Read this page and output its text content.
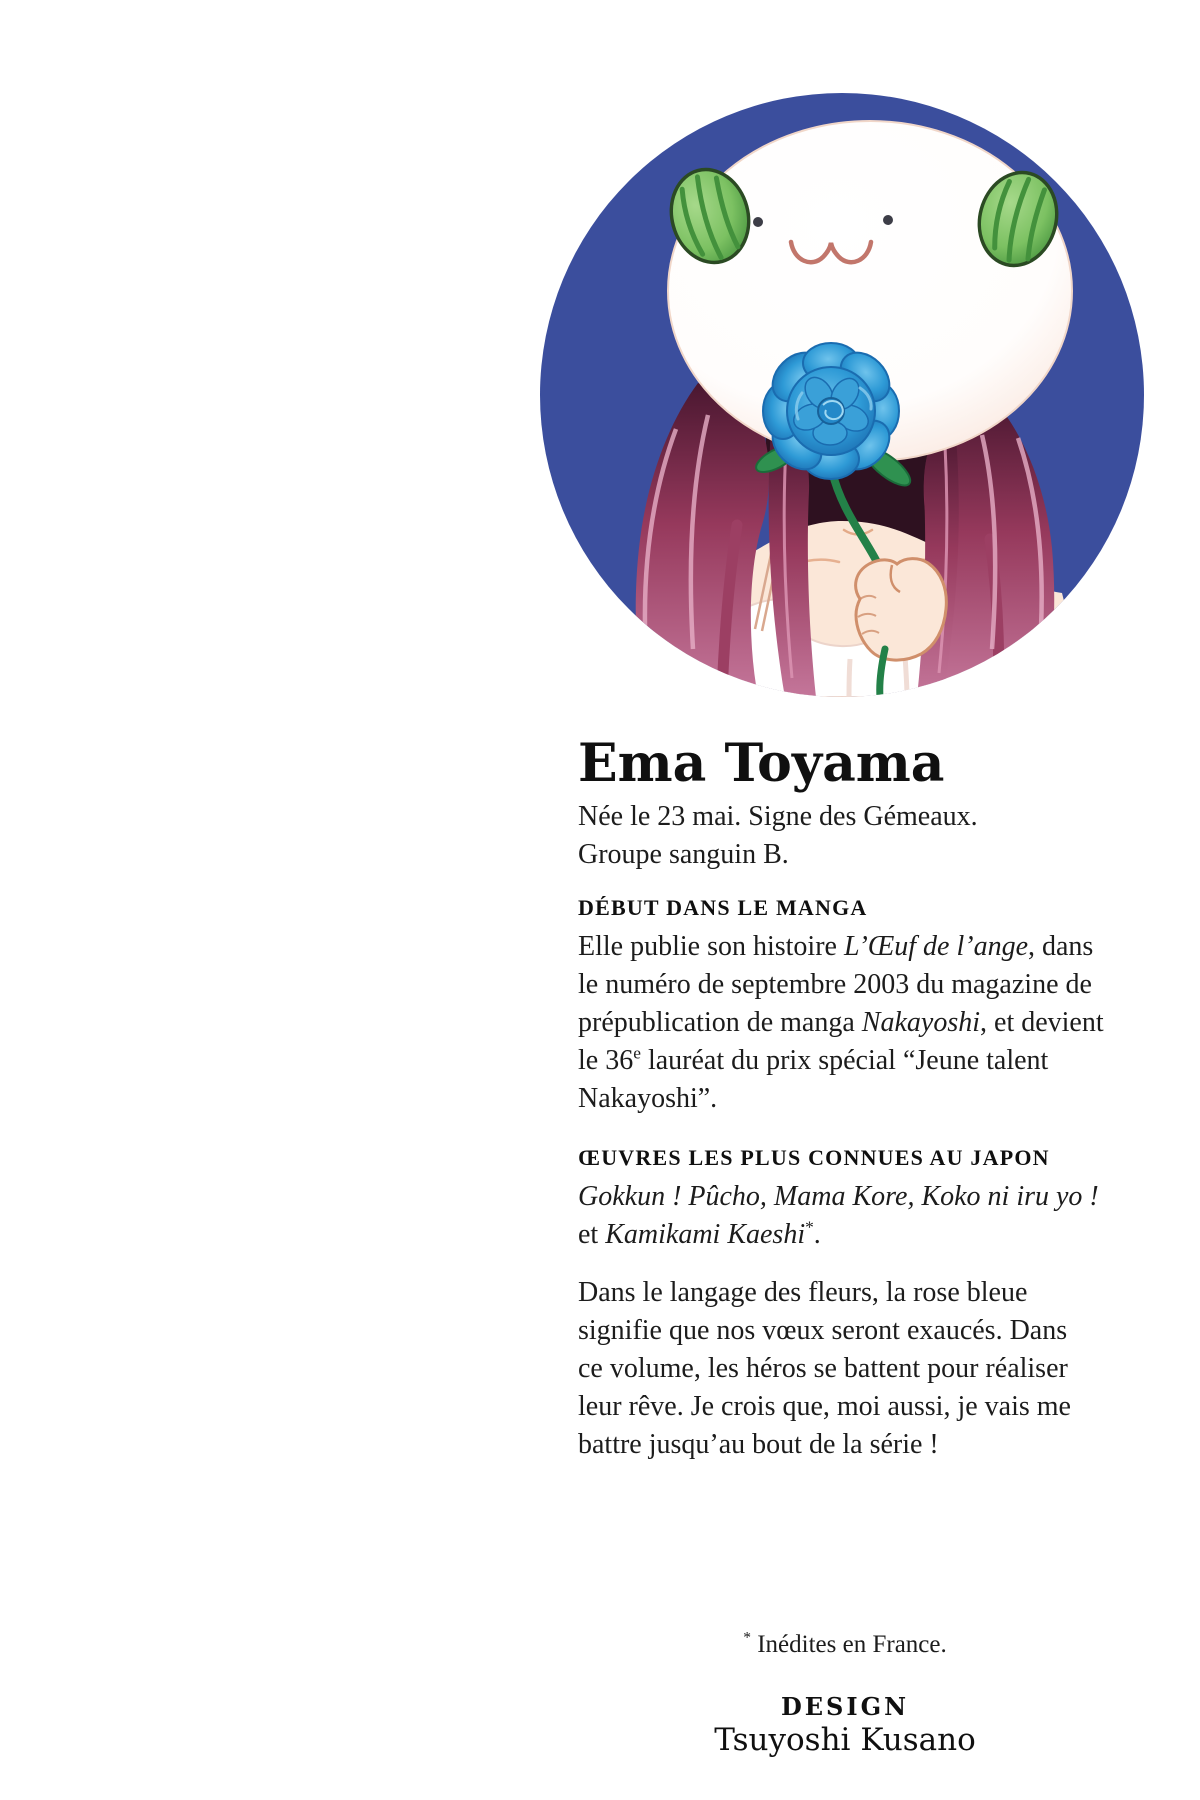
Ema Toyama
Née le 23 mai. Signe des Gémeaux.
Groupe sanguin B.
DÉBUT DANS LE MANGA
Elle publie son histoire L’Œuf de l’ange, dans
le numéro de septembre 2003 du magazine de
prépublication de manga Nakayoshi, et devient
le 36e lauréat du prix spécial “Jeune talent
Nakayoshi”.
ŒUVRES LES PLUS CONNUES AU JAPON
Gokkun ! Pûcho, Mama Kore, Koko ni iru yo !
et Kamikami Kaeshi*.
Dans le langage des fleurs, la rose bleue
signifie que nos vœux seront exaucés. Dans
ce volume, les héros se battent pour réaliser
leur rêve. Je crois que, moi aussi, je vais me
battre jusqu’au bout de la série !
* Inédites en France.
DESIGN
Tsuyoshi Kusano
